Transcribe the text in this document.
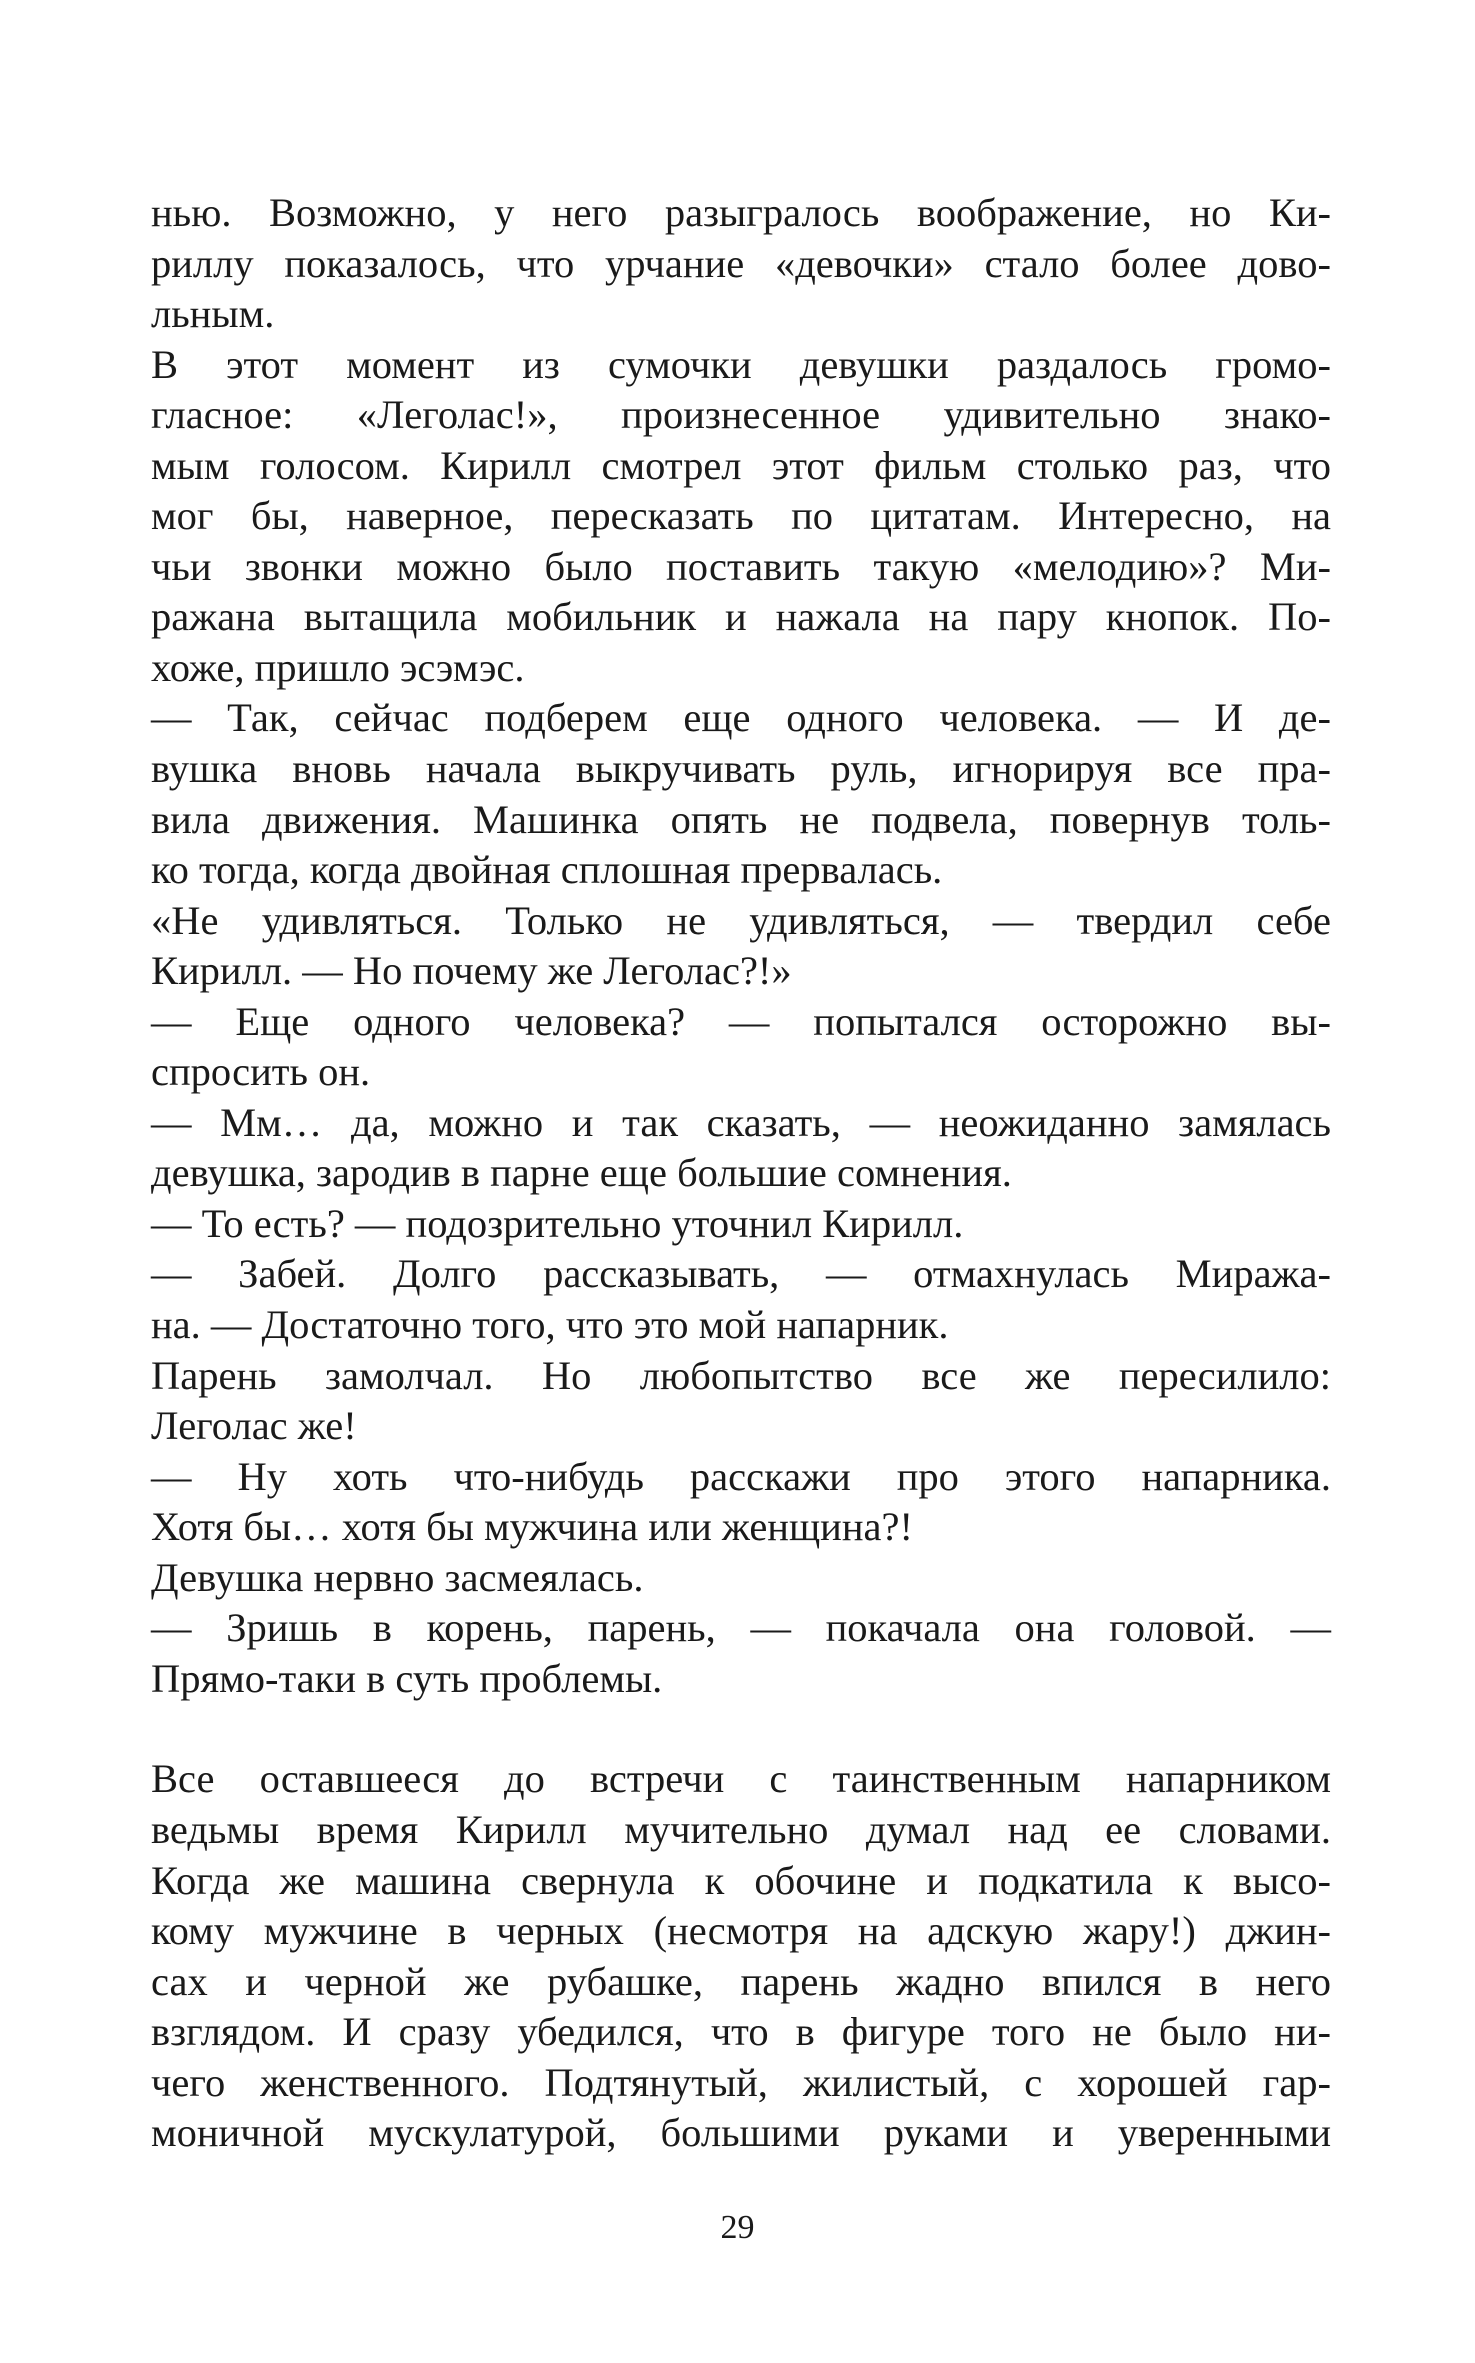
нью. Возможно, у него разыгралось воображение, но Ки-
риллу показалось, что урчание «девочки» стало более дово-
льным.
В этот момент из сумочки девушки раздалось громо-
гласное: «Леголас!», произнесенное удивительно знако-
мым голосом. Кирилл смотрел этот фильм столько раз, что
мог бы, наверное, пересказать по цитатам. Интересно, на
чьи звонки можно было поставить такую «мелодию»? Ми-
ражана вытащила мобильник и нажала на пару кнопок. По-
хоже, пришло эсэмэс.
— Так, сейчас подберем еще одного человека. — И де-
вушка вновь начала выкручивать руль, игнорируя все пра-
вила движения. Машинка опять не подвела, повернув толь-
ко тогда, когда двойная сплошная прервалась.
«Не удивляться. Только не удивляться, — твердил себе
Кирилл. — Но почему же Леголас?!»
— Еще одного человека? — попытался осторожно вы-
спросить он.
— Мм… да, можно и так сказать, — неожиданно замялась
девушка, зародив в парне еще большие сомнения.
— То есть? — подозрительно уточнил Кирилл.
— Забей. Долго рассказывать, — отмахнулась Миража-
на. — Достаточно того, что это мой напарник.
Парень замолчал. Но любопытство все же пересилило:
Леголас же!
— Ну хоть что-нибудь расскажи про этого напарника.
Хотя бы… хотя бы мужчина или женщина?!
Девушка нервно засмеялась.
— Зришь в корень, парень, — покачала она головой. —
Прямо-таки в суть проблемы.
Все оставшееся до встречи с таинственным напарником
ведьмы время Кирилл мучительно думал над ее словами.
Когда же машина свернула к обочине и подкатила к высо-
кому мужчине в черных (несмотря на адскую жару!) джин-
сах и черной же рубашке, парень жадно впился в него
взглядом. И сразу убедился, что в фигуре того не было ни-
чего женственного. Подтянутый, жилистый, с хорошей гар-
моничной мускулатурой, большими руками и уверенными
29
